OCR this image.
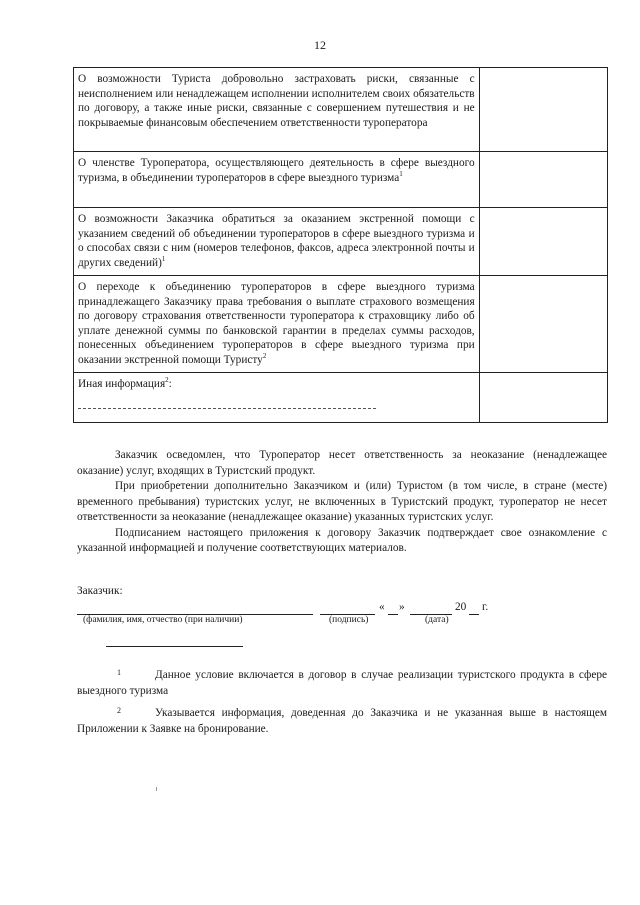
12
О возможности Туриста добровольно застраховать риски, связанные с неисполнением или ненадлежащем исполнении исполнителем своих обязательств по договору, а также иные риски, связанные с совершением путешествия и не покрываемые финансовым обеспечением ответственности туроператора	
О членстве Туроператора, осуществляющего деятельность в сфере выездного туризма, в объединении туроператоров в сфере выездного туризма$^1$	
О возможности Заказчика обратиться за оказанием экстренной помощи с указанием сведений об объединении туроператоров в сфере выездного туризма и о способах связи с ним (номеров телефонов, факсов, адреса электронной почты и других сведений)$^1$	
О переходе к объединению туроператоров в сфере выездного туризма принадлежащего Заказчику права требования о выплате страхового возмещения по договору страхования ответственности туроператора к страховщику либо об уплате денежной суммы по банковской гарантии в пределах суммы расходов, понесенных объединением туроператоров в сфере выездного туризма при оказании экстренной помощи Туристу$^2$	
Иная информация$^2$:

Заказчик осведомлен, что Туроператор несет ответственность за неоказание (ненадлежащее оказание) услуг, входящих в Туристский продукт.

При приобретении дополнительно Заказчиком и (или) Туристом (в том числе, в стране (месте) временного пребывания) туристских услуг, не включенных в Туристский продукт, туроператор не несет ответственности за неоказание (ненадлежащее оказание) указанных туристских услуг.

Подписанием настоящего приложения к договору Заказчик подтверждает свое ознакомление с указанной информацией и получение соответствующих материалов.

Заказчик:
« »	20 г.
(фамилия, имя, отчество (при наличии)	(подпись)	(дата)
1	Данное условие включается в договор в случае реализации туристского продукта в сфере выездного туризма
2	Указывается информация, доведенная до Заказчика и не указанная выше в настоящем Приложении к Заявке на бронирование.
